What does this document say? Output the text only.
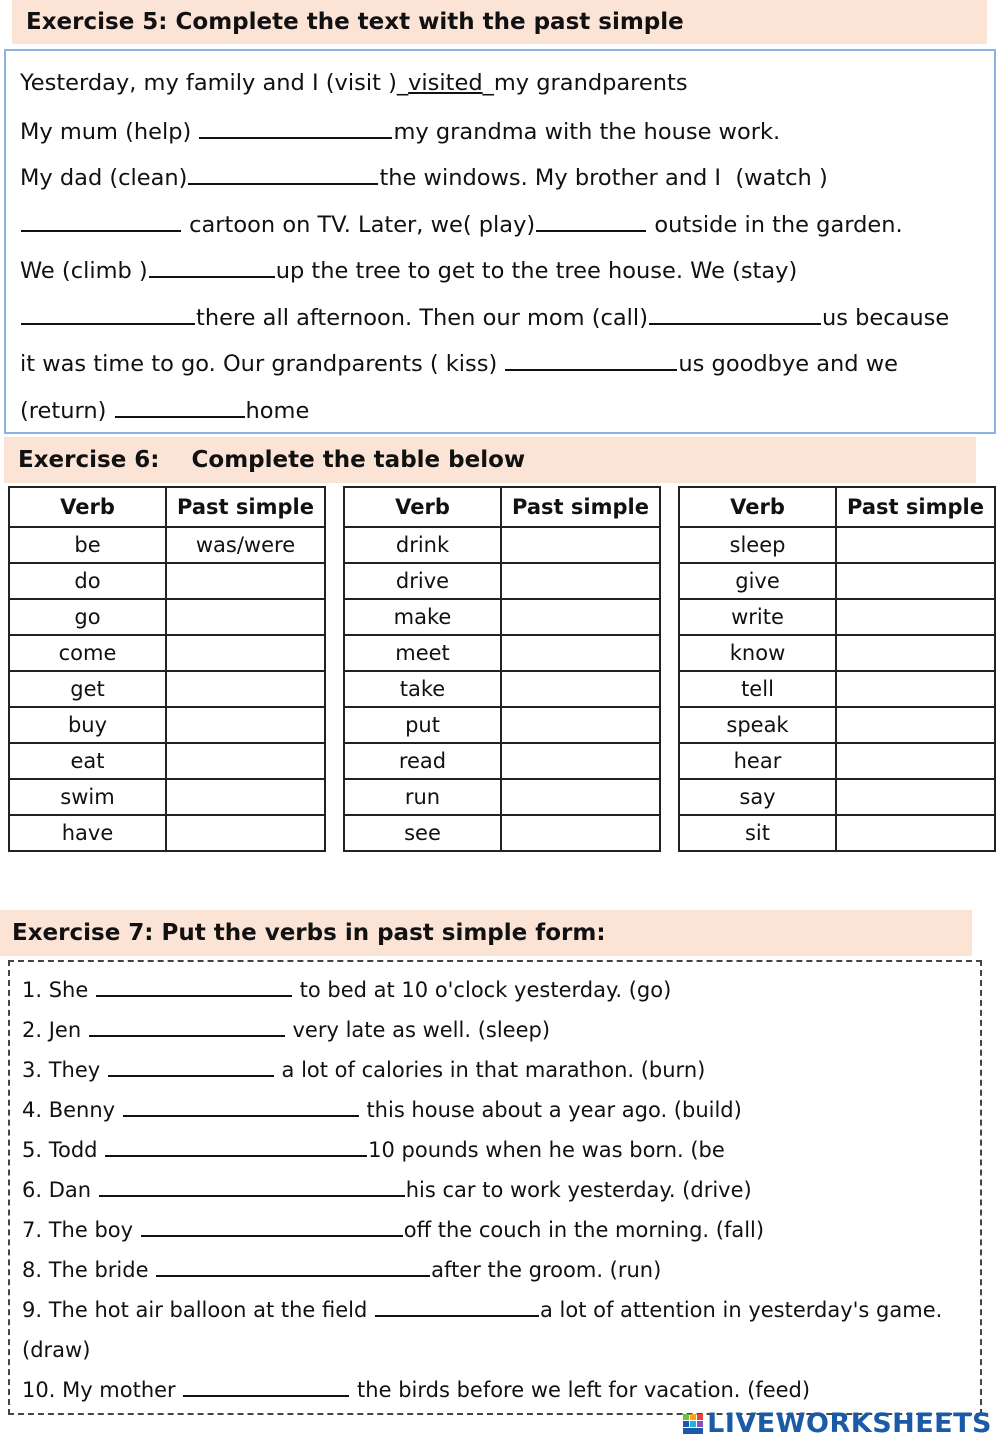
Exercise 5: Complete the text with the past simple
Yesterday, my family and I (visit )_visited_my grandparents
My mum (help)	my grandma with the house work.
My dad (clean)	the windows. My brother and I  (watch )
cartoon on TV. Later, we( play)	outside in the garden.
We (climb )	up the tree to get to the tree house. We (stay)
there all afternoon. Then our mom (call)	us because
it was time to go. Our grandparents ( kiss)	us goodbye and we
(return)	home
Exercise 6: Complete the table below
Verb	Past simple
be	was/were
do	
go	
come	
get	
buy	
eat	
swim	
have	
Verb	Past simple
drink	
drive	
make	
meet	
take	
put	
read	
run	
see	
Verb	Past simple
sleep	
give	
write	
know	
tell	
speak	
hear	
say	
sit	
Exercise 7: Put the verbs in past simple form:
1. She	to bed at 10 o'clock yesterday. (go)
2. Jen	very late as well. (sleep)
3. They	a lot of calories in that marathon. (burn)
4. Benny	this house about a year ago. (build)
5. Todd	10 pounds when he was born. (be
6. Dan	his car to work yesterday. (drive)
7. The boy	off the couch in the morning. (fall)
8. The bride	after the groom. (run)
9. The hot air balloon at the field	a lot of attention in yesterday's game.
(draw)
10. My mother	the birds before we left for vacation. (feed)
LIVEWORKSHEETS
